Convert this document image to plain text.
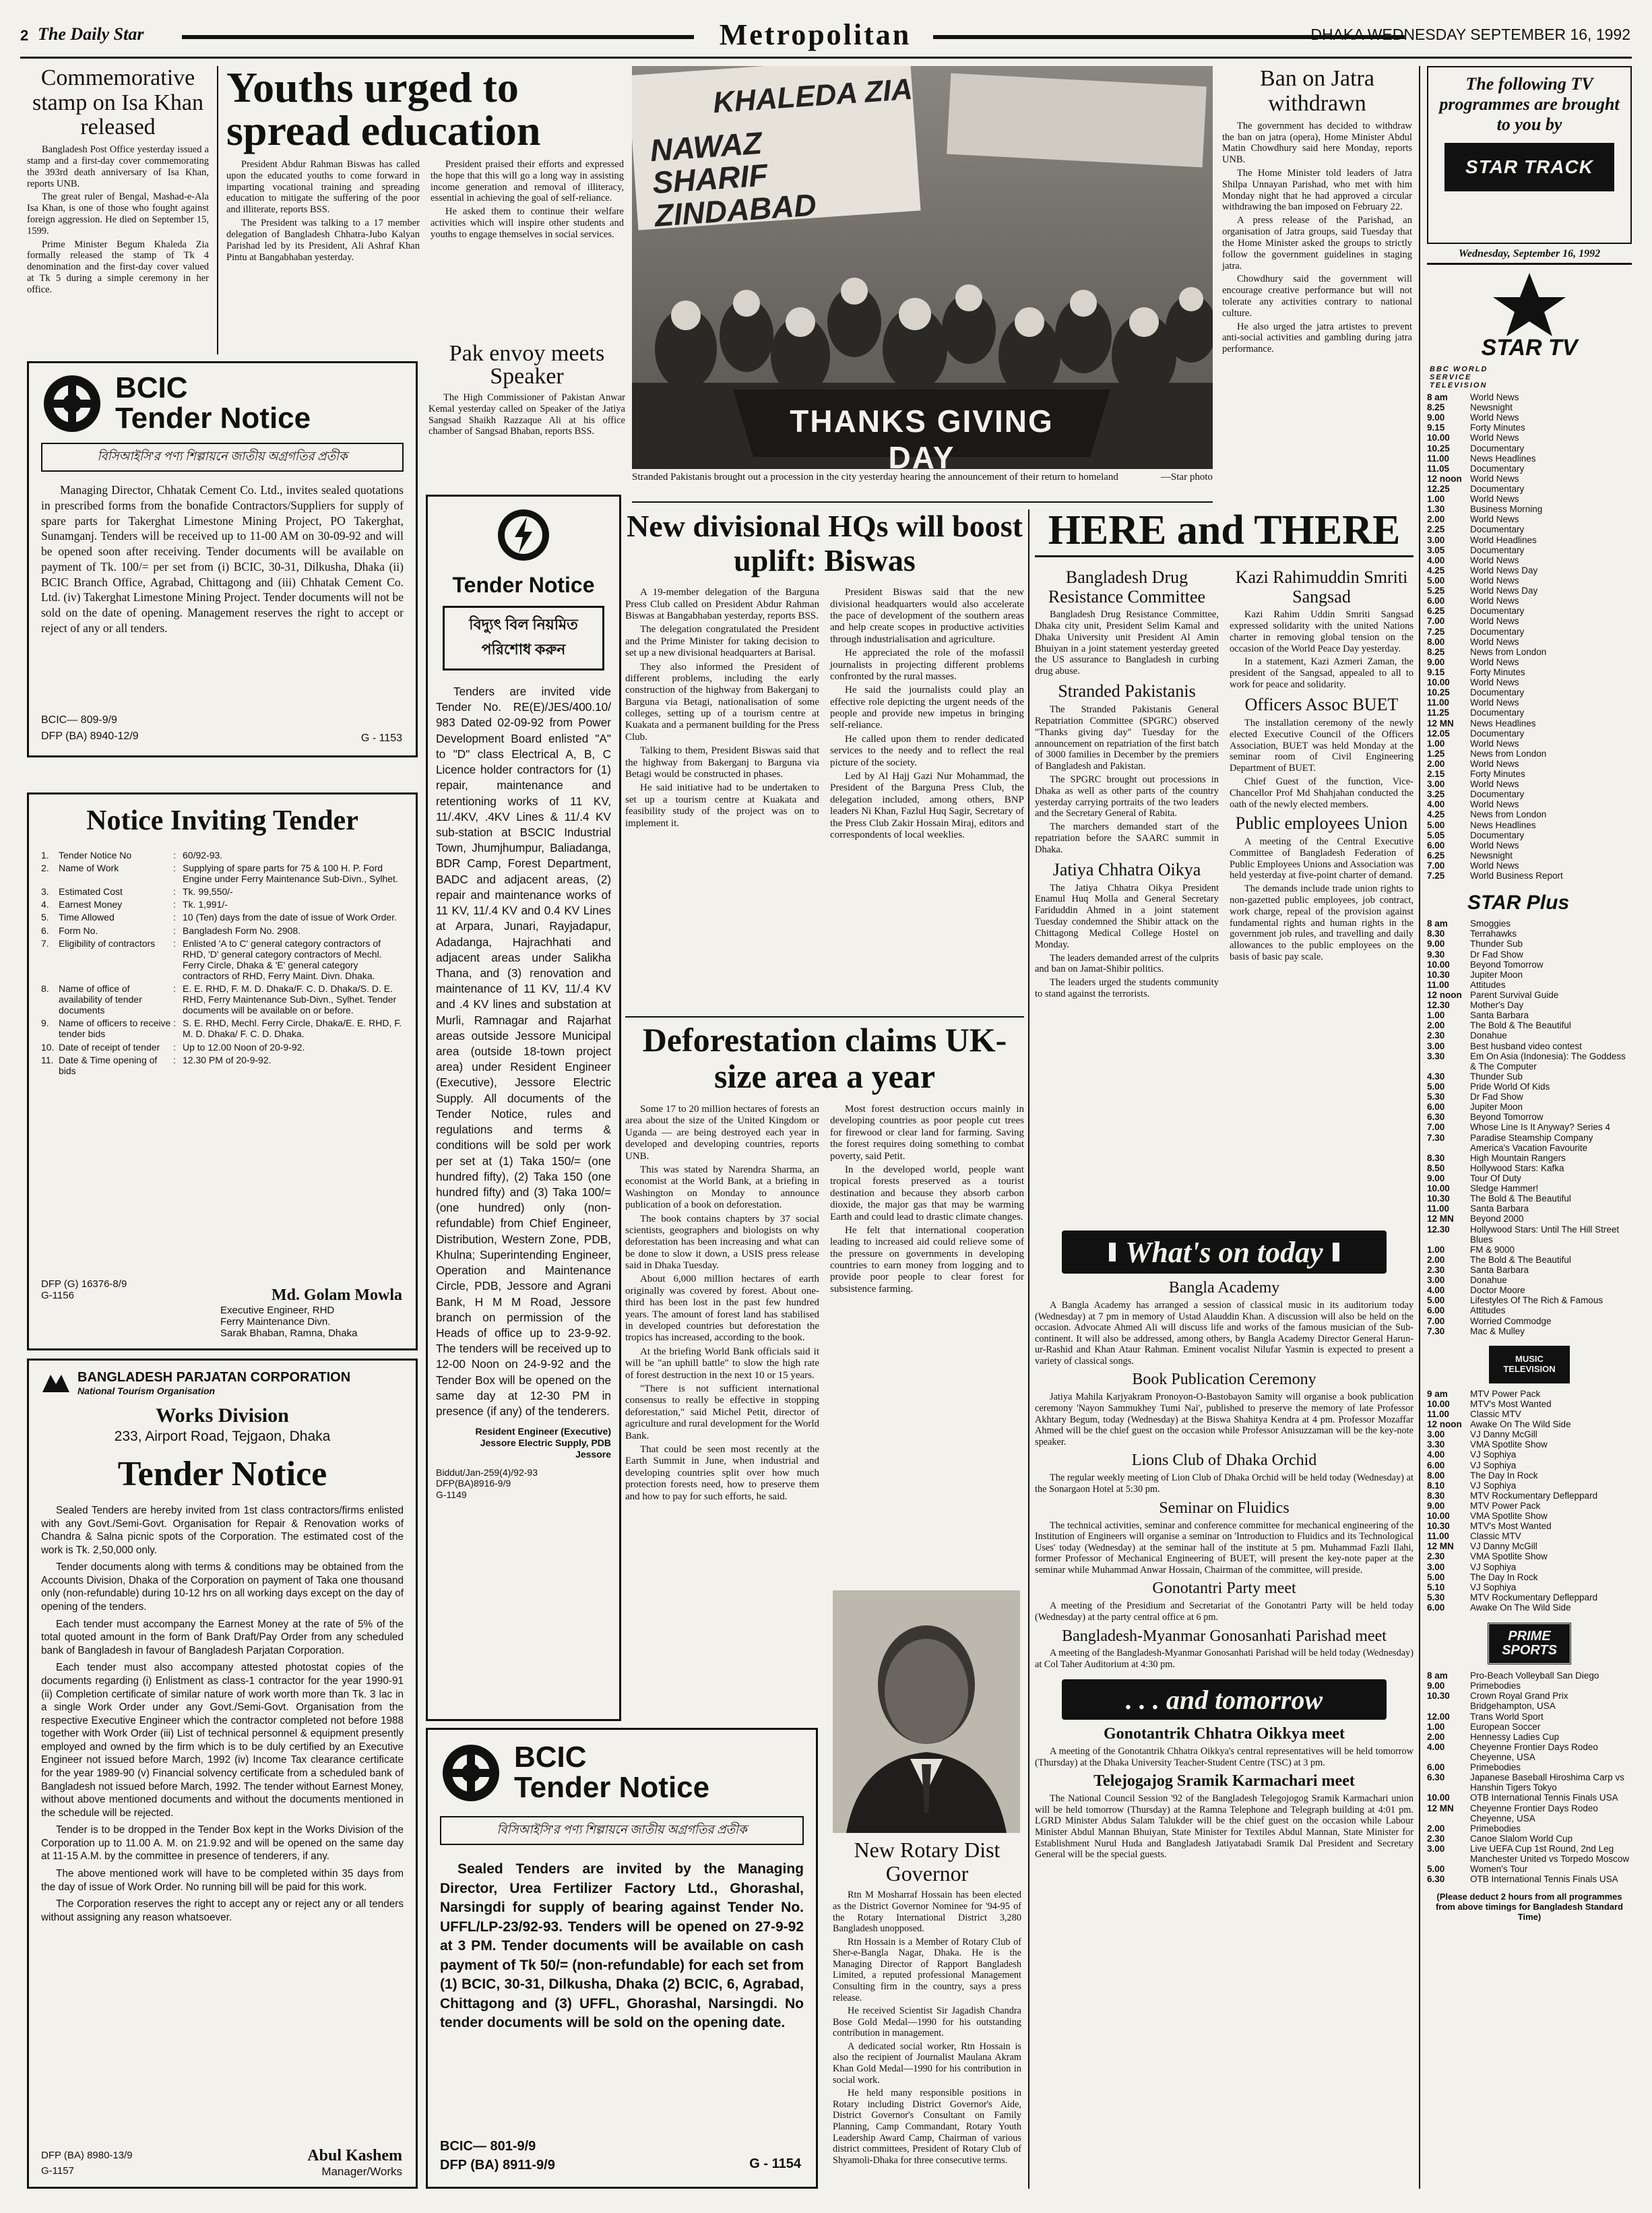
2 The Daily Star	Metropolitan	DHAKA WEDNESDAY SEPTEMBER 16, 1992
Commemorative stamp on Isa Khan released

Bangladesh Post Office yesterday issued a stamp and a first-day cover commemorating the 393rd death anniversary of Isa Khan, reports UNB.

The great ruler of Bengal, Mashad-e-Ala Isa Khan, is one of those who fought against foreign aggression. He died on September 15, 1599.

Prime Minister Begum Khaleda Zia formally released the stamp of Tk 4 denomination and the first-day cover valued at Tk 5 during a simple ceremony in her office.

Youths urged to spread education

President Abdur Rahman Biswas has called upon the educated youths to come forward in imparting vocational training and spreading education to mitigate the suffering of the poor and illiterate, reports BSS.

The President was talking to a 17 member delegation of Bangladesh Chhatra-Jubo Kalyan Parishad led by its President, Ali Ashraf Khan Pintu at Bangabhaban yesterday.

President praised their efforts and expressed the hope that this will go a long way in assisting income generation and removal of illiteracy, essential in achieving the goal of self-reliance.

He asked them to continue their welfare activities which will inspire other students and youths to engage themselves in social services.

Pak envoy meets Speaker

The High Commissioner of Pakistan Anwar Kemal yesterday called on Speaker of the Jatiya Sangsad Shaikh Razzaque Ali at his office chamber of Sangsad Bhaban, reports BSS.

BCIC
Tender Notice
বিসিআইসি'র পণ্য শিল্পায়নে জাতীয় অগ্রগতির প্রতীক
Managing Director, Chhatak Cement Co. Ltd., invites sealed quotations in prescribed forms from the bonafide Contractors/Suppliers for supply of spare parts for Takerghat Limestone Mining Project, PO Takerghat, Sunamganj. Tenders will be received up to 11-00 AM on 30-09-92 and will be opened soon after receiving. Tender documents will be available on payment of Tk. 100/= per set from (i) BCIC, 30-31, Dilkusha, Dhaka (ii) BCIC Branch Office, Agrabad, Chittagong and (iii) Chhatak Cement Co. Ltd. (iv) Takerghat Limestone Mining Project. Tender documents will not be sold on the date of opening. Management reserves the right to accept or reject of any or all tenders.
BCIC— 809-9/9
DFP (BA) 8940-12/9	G - 1153
Notice Inviting Tender
1.	Tender Notice No	: 60/92-93.
2.	Name of Work	: Supplying of spare parts for 75 & 100 H. P. Ford Engine under Ferry Maintenance Sub-Divn., Sylhet.
3.	Estimated Cost	: Tk. 99,550/-
4.	Earnest Money	: Tk. 1,991/-
5.	Time Allowed	: 10 (Ten) days from the date of issue of Work Order.
6.	Form No.	: Bangladesh Form No. 2908.
7.	Eligibility of contractors	: Enlisted 'A to C' general category contractors of RHD, 'D' general category contractors of Mechl. Ferry Circle, Dhaka & 'E' general category contractors of RHD, Ferry Maint. Divn. Dhaka.
8.	Name of office of availability of tender documents
: E. E. RHD, F. M. D. Dhaka/F. C. D. Dhaka/S. D. E. RHD, Ferry Maintenance Sub-Divn., Sylhet. Tender documents will be available on or before.
9.	Name of officers to receive tender bids
: S. E. RHD, Mechl. Ferry Circle, Dhaka/E. E. RHD, F. M. D. Dhaka/ F. C. D. Dhaka.
10. Date of receipt of tender	: Up to 12.00 Noon of 20-9-92.
11. Date & Time opening of bids
: 12.30 PM of 20-9-92.
DFP (G) 16376-8/9
G-1156	Md. Golam Mowla
Executive Engineer, RHD
Ferry Maintenance Divn.
Sarak Bhaban, Ramna, Dhaka
BANGLADESH PARJATAN CORPORATION
National Tourism Organisation
Works Division
233, Airport Road, Tejgaon, Dhaka
Tender Notice

Sealed Tenders are hereby invited from 1st class contractors/firms enlisted with any Govt./Semi-Govt. Organisation for Repair & Renovation works of Chandra & Salna picnic spots of the Corporation. The estimated cost of the work is Tk. 2,50,000 only.

Tender documents along with terms & conditions may be obtained from the Accounts Division, Dhaka of the Corporation on payment of Taka one thousand only (non-refundable) during 10-12 hrs on all working days except on the day of opening of the tenders.

Each tender must accompany the Earnest Money at the rate of 5% of the total quoted amount in the form of Bank Draft/Pay Order from any scheduled bank of Bangladesh in favour of Bangladesh Parjatan Corporation.

Each tender must also accompany attested photostat copies of the documents regarding (i) Enlistment as class-1 contractor for the year 1990-91 (ii) Completion certificate of similar nature of work worth more than Tk. 3 lac in a single Work Order under any Govt./Semi-Govt. Organisation from the respective Executive Engineer which the contractor completed not before 1988 together with Work Order (iii) List of technical personnel & equipment presently employed and owned by the firm which is to be duly certified by an Executive Engineer not issued before March, 1992 (iv) Income Tax clearance certificate for the year 1989-90 (v) Financial solvency certificate from a scheduled bank of Bangladesh not issued before March, 1992. The tender without Earnest Money, without above mentioned documents and without the documents mentioned in the schedule will be rejected.

Tender is to be dropped in the Tender Box kept in the Works Division of the Corporation up to 11.00 A. M. on 21.9.92 and will be opened on the same day at 11-15 A.M. by the committee in presence of tenderers, if any.

The above mentioned work will have to be completed within 35 days from the day of issue of Work Order. No running bill will be paid for this work.

The Corporation reserves the right to accept any or reject any or all tenders without assigning any reason whatsoever.

DFP (BA) 8980-13/9
G-1157
Abul Kashem
Manager/Works
Tender Notice
বিদ্যুৎ বিল নিয়মিত পরিশোধ করুন
Tenders are invited vide Tender No. RE(E)/JES/400.10/ 983 Dated 02-09-92 from Power Development Board enlisted "A" to "D" class Electrical A, B, C Licence holder contractors for (1) repair, maintenance and retentioning works of 11 KV, 11/.4KV, .4KV Lines & 11/.4 KV sub-station at BSCIC Industrial Town, Jhumjhumpur, Baliadanga, BDR Camp, Forest Department, BADC and adjacent areas, (2) repair and maintenance works of 11 KV, 11/.4 KV and 0.4 KV Lines at Arpara, Junari, Rayjadapur, Adadanga, Hajrachhati and adjacent areas under Salikha Thana, and (3) renovation and maintenance of 11 KV, 11/.4 KV and .4 KV lines and substation at Murli, Ramnagar and Rajarhat areas outside Jessore Municipal area (outside 18-town project area) under Resident Engineer (Executive), Jessore Electric Supply. All documents of the Tender Notice, rules and regulations and terms & conditions will be sold per work per set at (1) Taka 150/= (one hundred fifty), (2) Taka 150 (one hundred fifty) and (3) Taka 100/= (one hundred) only (non-refundable) from Chief Engineer, Distribution, Western Zone, PDB, Khulna; Superintending Engineer, Operation and Maintenance Circle, PDB, Jessore and Agrani Bank, H M M Road, Jessore branch on permission of the Heads of office up to 23-9-92. The tenders will be received up to 12-00 Noon on 24-9-92 and the Tender Box will be opened on the same day at 12-30 PM in presence (if any) of the tenderers.
Resident Engineer (Executive)
Jessore Electric Supply, PDB
Jessore
Biddut/Jan-259(4)/92-93
DFP(BA)8916-9/9
G-1149
BCIC
Tender Notice
বিসিআইসি'র পণ্য শিল্পায়নে জাতীয় অগ্রগতির প্রতীক
Sealed Tenders are invited by the Managing Director, Urea Fertilizer Factory Ltd., Ghorashal, Narsingdi for supply of bearing against Tender No. UFFL/LP-23/92-93. Tenders will be opened on 27-9-92 at 3 PM. Tender documents will be available on cash payment of Tk 50/= (non-refundable) for each set from (1) BCIC, 30-31, Dilkusha, Dhaka (2) BCIC, 6, Agrabad, Chittagong and (3) UFFL, Ghorashal, Narsingdi. No tender documents will be sold on the opening date.
BCIC— 801-9/9
DFP (BA) 8911-9/9	G - 1154
KHALEDA ZIA
NAWAZ SHARIF ZINDABAD
THANKS GIVING DAY
Stranded Pakistanis brought out a procession in the city yesterday hearing the announcement of their return to homeland	—Star photo
Ban on Jatra withdrawn

The government has decided to withdraw the ban on jatra (opera), Home Minister Abdul Matin Chowdhury said here Monday, reports UNB.

The Home Minister told leaders of Jatra Shilpa Unnayan Parishad, who met with him Monday night that he had approved a circular withdrawing the ban imposed on February 22.

A press release of the Parishad, an organisation of Jatra groups, said Tuesday that the Home Minister asked the groups to strictly follow the government guidelines in staging jatra.

Chowdhury said the government will encourage creative performance but will not tolerate any activities contrary to national culture.

He also urged the jatra artistes to prevent anti-social activities and gambling during jatra performance.

New divisional HQs will boost uplift: Biswas

A 19-member delegation of the Barguna Press Club called on President Abdur Rahman Biswas at Bangabhaban yesterday, reports BSS.

The delegation congratulated the President and the Prime Minister for taking decision to set up a new divisional headquarters at Barisal.

They also informed the President of different problems, including the early construction of the highway from Bakerganj to Barguna via Betagi, nationalisation of some colleges, setting up of a tourism centre at Kuakata and a permanent building for the Press Club.

Talking to them, President Biswas said that the highway from Bakerganj to Barguna via Betagi would be constructed in phases.

He said initiative had to be undertaken to set up a tourism centre at Kuakata and feasibility study of the project was on to implement it.

President Biswas said that the new divisional headquarters would also accelerate the pace of development of the southern areas and help create scopes in productive activities through industrialisation and agriculture.

He appreciated the role of the mofassil journalists in projecting different problems confronted by the rural masses.

He said the journalists could play an effective role depicting the urgent needs of the people and provide new impetus in bringing self-reliance.

He called upon them to render dedicated services to the needy and to reflect the real picture of the society.

Led by Al Hajj Gazi Nur Mohammad, the President of the Barguna Press Club, the delegation included, among others, BNP leaders Ni Khan, Fazlul Huq Sagir, Secretary of the Press Club Zakir Hossain Miraj, editors and correspondents of local weeklies.

Deforestation claims UK-size area a year

Some 17 to 20 million hectares of forests an area about the size of the United Kingdom or Uganda — are being destroyed each year in developed and developing countries, reports UNB.

This was stated by Narendra Sharma, an economist at the World Bank, at a briefing in Washington on Monday to announce publication of a book on deforestation.

The book contains chapters by 37 social scientists, geographers and biologists on why deforestation has been increasing and what can be done to slow it down, a USIS press release said in Dhaka Tuesday.

About 6,000 million hectares of earth originally was covered by forest. About one-third has been lost in the past few hundred years. The amount of forest land has stabilised in developed countries but deforestation the tropics has increased, according to the book.

At the briefing World Bank officials said it will be "an uphill battle" to slow the high rate of forest destruction in the next 10 or 15 years.

"There is not sufficient international consensus to really be effective in stopping deforestation," said Michel Petit, director of agriculture and rural development for the World Bank.

That could be seen most recently at the Earth Summit in June, when industrial and developing countries split over how much protection forests need, how to preserve them and how to pay for such efforts, he said.

Most forest destruction occurs mainly in developing countries as poor people cut trees for firewood or clear land for farming. Saving the forest requires doing something to combat poverty, said Petit.

In the developed world, people want tropical forests preserved as a tourist destination and because they absorb carbon dioxide, the major gas that may be warming Earth and could lead to drastic climate changes.

He felt that international cooperation leading to increased aid could relieve some of the pressure on governments in developing countries to earn money from logging and to provide poor people to clear forest for subsistence farming.

New Rotary Dist Governor

Rtn M Mosharraf Hossain has been elected as the District Governor Nominee for '94-95 of the Rotary International District 3,280 Bangladesh unopposed.

Rtn Hossain is a Member of Rotary Club of Sher-e-Bangla Nagar, Dhaka. He is the Managing Director of Rapport Bangladesh Limited, a reputed professional Management Consulting firm in the country, says a press release.

He received Scientist Sir Jagadish Chandra Bose Gold Medal—1990 for his outstanding contribution in management.

A dedicated social worker, Rtn Hossain is also the recipient of Journalist Maulana Akram Khan Gold Medal—1990 for his contribution in social work.

He held many responsible positions in Rotary including District Governor's Aide, District Governor's Consultant on Family Planning, Camp Commandant, Rotary Youth Leadership Award Camp, Chairman of various district committees, President of Rotary Club of Shyamoli-Dhaka for three consecutive terms.

HERE and THERE
Bangladesh Drug Resistance Committee

Bangladesh Drug Resistance Committee, Dhaka city unit, President Selim Kamal and Dhaka University unit President Al Amin Bhuiyan in a joint statement yesterday greeted the US assurance to Bangladesh in curbing drug abuse.

Stranded Pakistanis

The Stranded Pakistanis General Repatriation Committee (SPGRC) observed "Thanks giving day" Tuesday for the announcement on repatriation of the first batch of 3000 families in December by the premiers of Bangladesh and Pakistan.

The SPGRC brought out processions in Dhaka as well as other parts of the country yesterday carrying portraits of the two leaders and the Secretary General of Rabita.

The marchers demanded start of the repatriation before the SAARC summit in Dhaka.

Jatiya Chhatra Oikya

The Jatiya Chhatra Oikya President Enamul Huq Molla and General Secretary Fariduddin Ahmed in a joint statement Tuesday condemned the Shibir attack on the Chittagong Medical College Hostel on Monday.

The leaders demanded arrest of the culprits and ban on Jamat-Shibir politics.

The leaders urged the students community to stand against the terrorists.

Kazi Rahimuddin Smriti Sangsad

Kazi Rahim Uddin Smriti Sangsad expressed solidarity with the united Nations charter in removing global tension on the occasion of the World Peace Day yesterday.

In a statement, Kazi Azmeri Zaman, the president of the Sangsad, appealed to all to work for peace and solidarity.

Officers Assoc BUET

The installation ceremony of the newly elected Executive Council of the Officers Association, BUET was held Monday at the seminar room of Civil Engineering Department of BUET.

Chief Guest of the function, Vice-Chancellor Prof Md Shahjahan conducted the oath of the newly elected members.

Public employees Union

A meeting of the Central Executive Committee of Bangladesh Federation of Public Employees Unions and Association was held yesterday at five-point charter of demand.

The demands include trade union rights to non-gazetted public employees, job contract, work charge, repeal of the provision against fundamental rights and human rights in the government job rules, and travelling and daily allowances to the public employees on the basis of basic pay scale.

What's on today
Bangla Academy

A Bangla Academy has arranged a session of classical music in its auditorium today (Wednesday) at 7 pm in memory of Ustad Alauddin Khan. A discussion will also be held on the occasion. Advocate Ahmed Ali will discuss life and works of the famous musician of the Sub-continent. It will also be addressed, among others, by Bangla Academy Director General Harun-ur-Rashid and Khan Ataur Rahman. Eminent vocalist Nilufar Yasmin is expected to present a variety of classical songs.

Book Publication Ceremony

Jatiya Mahila Karjyakram Pronoyon-O-Bastobayon Samity will organise a book publication ceremony 'Nayon Sammukhey Tumi Nai', published to preserve the memory of late Professor Akhtary Begum, today (Wednesday) at the Biswa Shahitya Kendra at 4 pm. Professor Mozaffar Ahmed will be the chief guest on the occasion while Professor Anisuzzaman will be the key-note speaker.

Lions Club of Dhaka Orchid

The regular weekly meeting of Lion Club of Dhaka Orchid will be held today (Wednesday) at the Sonargaon Hotel at 5:30 pm.

Seminar on Fluidics

The technical activities, seminar and conference committee for mechanical engineering of the Institution of Engineers will organise a seminar on 'Introduction to Fluidics and its Technological Uses' today (Wednesday) at the seminar hall of the institute at 5 pm. Muhammad Fazli Ilahi, former Professor of Mechanical Engineering of BUET, will present the key-note paper at the seminar while Muhammad Anwar Hossain, Chairman of the committee, will preside.

Gonotantri Party meet

A meeting of the Presidium and Secretariat of the Gonotantri Party will be held today (Wednesday) at the party central office at 6 pm.

Bangladesh-Myanmar Gonosanhati Parishad meet

A meeting of the Bangladesh-Myanmar Gonosanhati Parishad will be held today (Wednesday) at Col Taher Auditorium at 4:30 pm.

. . . and tomorrow
Gonotantrik Chhatra Oikkya meet

A meeting of the Gonotantrik Chhatra Oikkya's central representatives will be held tomorrow (Thursday) at the Dhaka University Teacher-Student Centre (TSC) at 3 pm.

Telejogajog Sramik Karmachari meet

The National Council Session '92 of the Bangladesh Telegojogog Sramik Karmachari union will be held tomorrow (Thursday) at the Ramna Telephone and Telegraph building at 4:01 pm. LGRD Minister Abdus Salam Talukder will be the chief guest on the occasion while Labour Minister Abdul Mannan Bhuiyan, State Minister for Textiles Abdul Mannan, State Minister for Establishment Nurul Huda and Bangladesh Jatiyatabadi Sramik Dal President and Secretary General will be the special guests.

The following TV programmes are brought to you by
STAR TRACK
Wednesday, September 16, 1992
STAR TV
BBC WORLD SERVICE TELEVISION
8 am	World News
8.25	Newsnight
9.00	World News
9.15	Forty Minutes
10.00	World News
10.25	Documentary
11.00	News Headlines
11.05	Documentary
12 noon World News
12.25	Documentary
1.00	World News
1.30	Business Morning
2.00	World News
2.25	Documentary
3.00	World Headlines
3.05	Documentary
4.00	World News
4.25	World News Day
5.00	World News
5.25	World News Day
6.00	World News
6.25	Documentary
7.00	World News
7.25	Documentary
8.00	World News
8.25	News from London
9.00	World News
9.15	Forty Minutes
10.00	World News
10.25	Documentary
11.00	World News
11.25	Documentary
12 MN	News Headlines
12.05	Documentary
1.00	World News
1.25	News from London
2.00	World News
2.15	Forty Minutes
3.00	World News
3.25	Documentary
4.00	World News
4.25	News from London
5.00	News Headlines
5.05	Documentary
6.00	World News
6.25	Newsnight
7.00	World News
7.25	World Business Report
STAR Plus
8 am	Smoggies
8.30	Terrahawks
9.00	Thunder Sub
9.30	Dr Fad Show
10.00	Beyond Tomorrow
10.30	Jupiter Moon
11.00	Attitudes
12 noon Parent Survival Guide
12.30	Mother's Day
1.00	Santa Barbara
2.00	The Bold & The Beautiful
2.30	Donahue
3.00	Best husband video contest
3.30	Em On Asia (Indonesia): The Goddess & The Computer
4.30	Thunder Sub
5.00	Pride World Of Kids
5.30	Dr Fad Show
6.00	Jupiter Moon
6.30	Beyond Tomorrow
7.00	Whose Line Is It Anyway? Series 4
7.30	Paradise Steamship Company
America's Vacation Favourite
8.30	High Mountain Rangers
8.50	Hollywood Stars: Kafka
9.00	Tour Of Duty
10.00	Sledge Hammer!
10.30	The Bold & The Beautiful
11.00	Santa Barbara
12 MN	Beyond 2000
12.30	Hollywood Stars: Until The Hill Street Blues
1.00	FM & 9000
2.00	The Bold & The Beautiful
2.30	Santa Barbara
3.00	Donahue
4.00	Doctor Moore
5.00	Lifestyles Of The Rich & Famous
6.00	Attitudes
7.00	Worried Commodge
7.30	Mac & Mulley
MUSIC TELEVISION
9 am	MTV Power Pack
10.00	MTV's Most Wanted
11.00	Classic MTV
12 noon Awake On The Wild Side
3.00	VJ Danny McGill
3.30	VMA Spotlite Show
4.00	VJ Sophiya
6.00	VJ Sophiya
8.00	The Day In Rock
8.10	VJ Sophiya
8.30	MTV Rockumentary Defleppard
9.00	MTV Power Pack
10.00	VMA Spotlite Show
10.30	MTV's Most Wanted
11.00	Classic MTV
12 MN	VJ Danny McGill
2.30	VMA Spotlite Show
3.00	VJ Sophiya
5.00	The Day In Rock
5.10	VJ Sophiya
5.30	MTV Rockumentary Defleppard
6.00	Awake On The Wild Side
PRIME SPORTS
8 am	Pro-Beach Volleyball San Diego
9.00	Primebodies
10.30	Crown Royal Grand Prix Bridgehampton, USA
12.00	Trans World Sport
1.00	European Soccer
2.00	Hennessy Ladies Cup
4.00	Cheyenne Frontier Days Rodeo Cheyenne, USA
6.00	Primebodies
6.30	Japanese Baseball Hiroshima Carp vs Hanshin Tigers Tokyo
10.00	OTB International Tennis Finals USA
12 MN	Cheyenne Frontier Days Rodeo Cheyenne, USA
2.00	Primebodies
2.30	Canoe Slalom World Cup
3.00	Live UEFA Cup 1st Round, 2nd Leg Manchester United vs Torpedo Moscow
5.00	Women's Tour
6.30	OTB International Tennis Finals USA
(Please deduct 2 hours from all programmes from above timings for Bangladesh Standard Time)
